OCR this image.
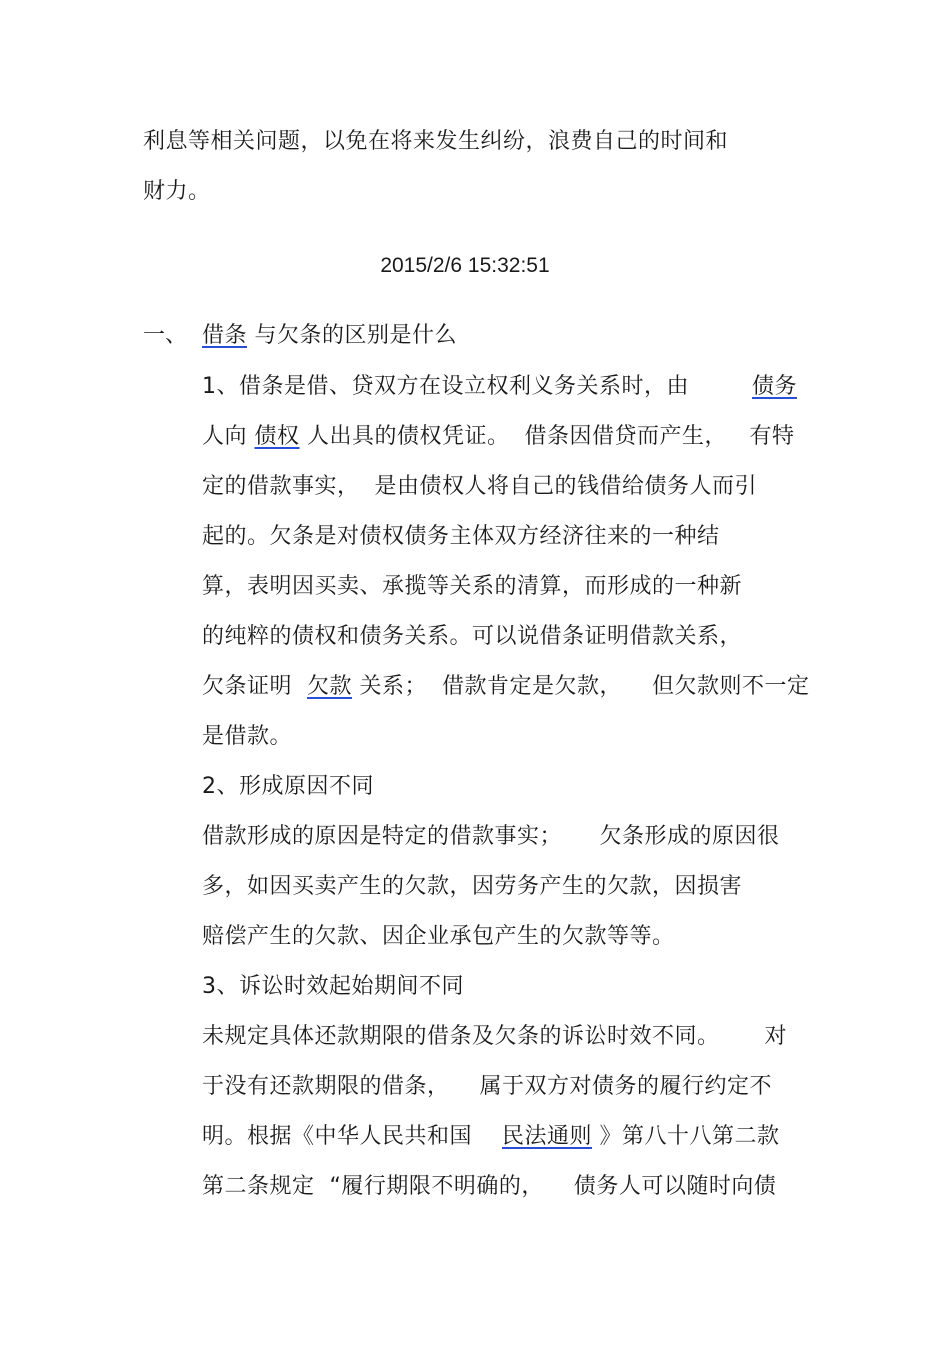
利息等相关问题，以免在将来发生纠纷，浪费自己的时间和
财力。
2015/2/6 15:32:51
一、 借条 与欠条的区别是什么
1、借条是借、贷双方在设立权利义务关系时，由	债务
人向 债权 人出具的债权凭证。  借条因借贷而产生，   有特
定的借款事实，  是由债权人将自己的钱借给债务人而引
起的。欠条是对债权债务主体双方经济往来的一种结
算，表明因买卖、承揽等关系的清算，而形成的一种新
的纯粹的债权和债务关系。可以说借条证明借款关系，
欠条证明  欠款 关系；  借款肯定是欠款，    但欠款则不一定
是借款。
2、形成原因不同
借款形成的原因是特定的借款事实；     欠条形成的原因很
多，如因买卖产生的欠款，因劳务产生的欠款，因损害
赔偿产生的欠款、因企业承包产生的欠款等等。
3、诉讼时效起始期间不同
未规定具体还款期限的借条及欠条的诉讼时效不同。      对
于没有还款期限的借条，    属于双方对债务的履行约定不
明。根据《中华人民共和国    民法通则 》第八十八第二款
第二条规定  “履行期限不明确的，    债务人可以随时向债
